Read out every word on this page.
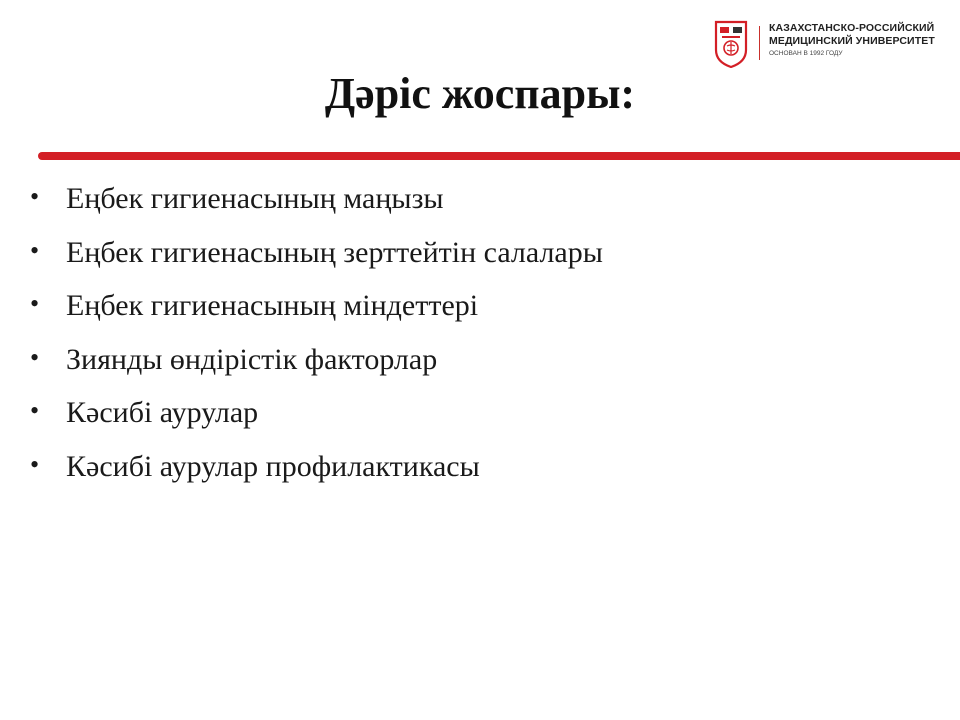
КАЗАХСТАНСКО-РОССИЙСКИЙ
МЕДИЦИНСКИЙ УНИВЕРСИТЕТ
ОСНОВАН В 1992 ГОДУ
Дәріс жоспары:
• Еңбек гигиенасының маңызы
• Еңбек гигиенасының зерттейтін салалары
• Еңбек гигиенасының міндеттері
• Зиянды өндірістік факторлар
• Кәсибі аурулар
• Кәсибі аурулар профилактикасы
